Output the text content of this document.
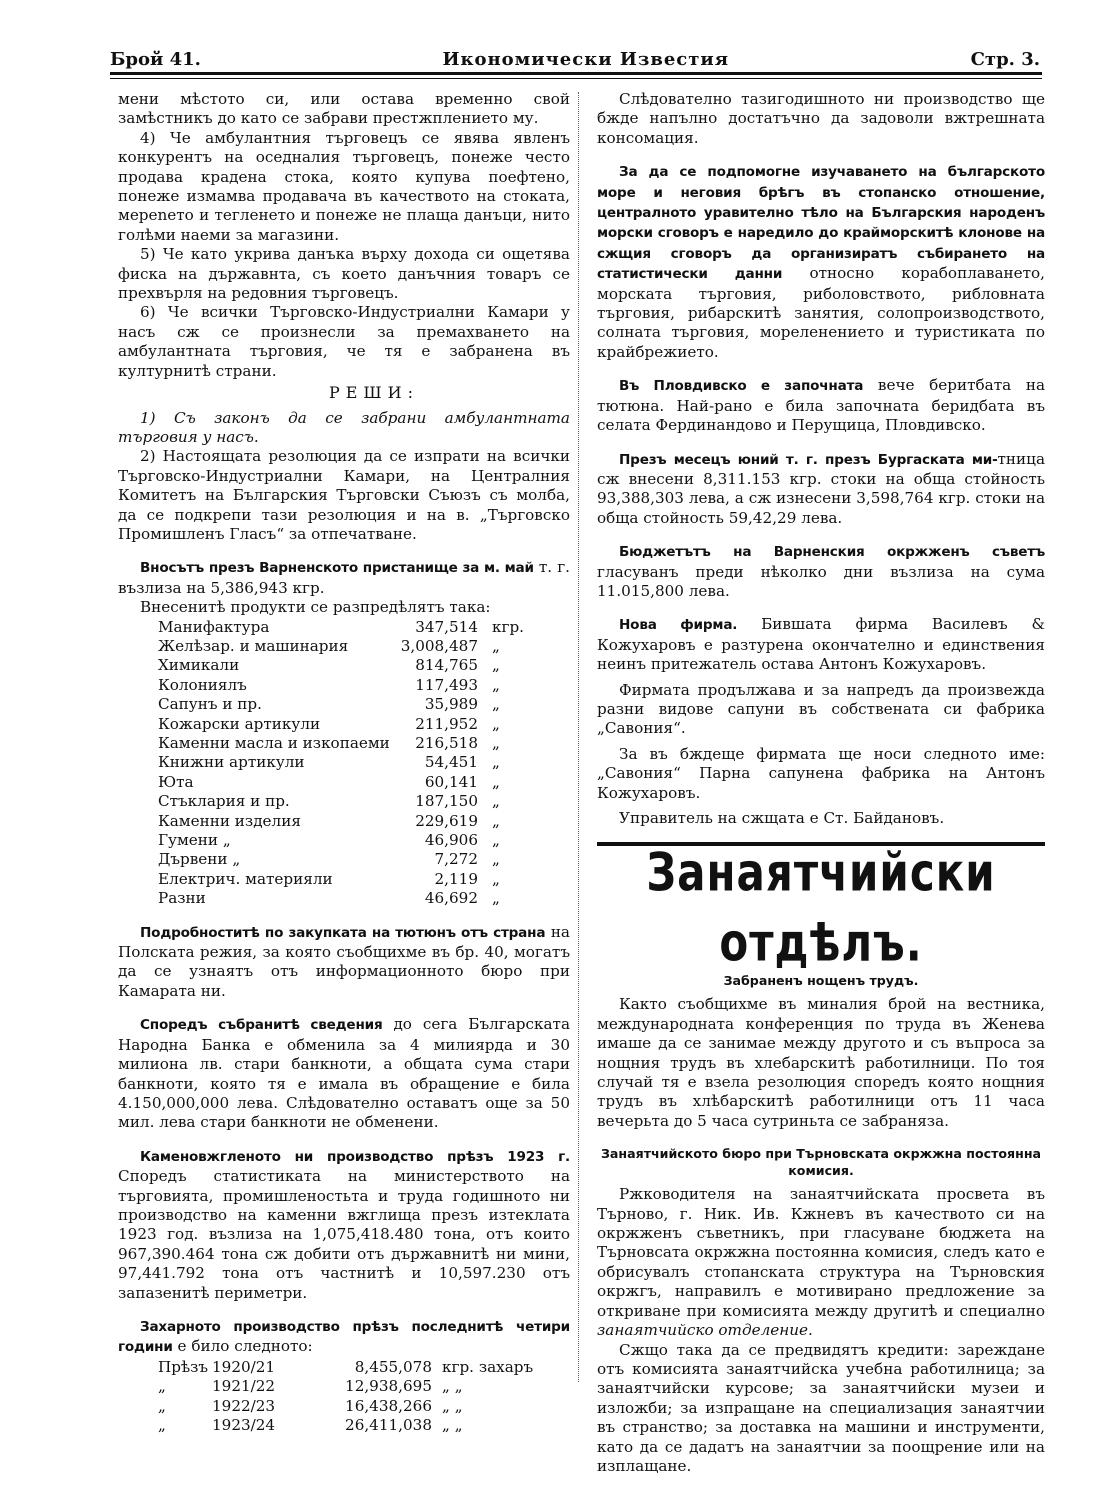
Брой 41.	Икономически Известия	Стр. 3.

мени мѣстото си, или остава временно свой замѣстникъ до като се забрави престжплението му.

4) Че амбулантния търговецъ се явява явленъ конкурентъ на оседналия търговецъ, понеже често продава крадена стока, която купува поефтено, понеже измамва продавача въ качеството на стоката, мерenето и тегленето и понеже не плаща данъци, нито голѣми наеми за магазини.

5) Че като укрива данъка върху дохода си ощетява фиска на държавнта, съ което данъчния товаръ се прехвърля на редовния търговецъ.

6) Че всички Търговско-Индустриални Камари у насъ сж се произнесли за премахването на амбулантната търговия, че тя е забранена въ културнитѣ страни.

РЕШИ:

1) Съ законъ да се забрани амбулантната търговия у насъ.

2) Настоящата резолюция да се изпрати на всички Търговско-Индустриални Камари, на Централния Комитетъ на Българския Търговски Съюзъ съ молба, да се подкрепи тази резолюция и на в. „Търговско Промишленъ Гласъ“ за отпечатване.

Вносътъ презъ Варненското пристанище за м. май т. г. възлиза на 5,386,943 кгр.

Внесенитѣ продукти се разпредѣлятъ така:

Манифактура	347,514	кгр.
Желѣзар. и машинария	3,008,487	„
Химикали	814,765	„
Колониялъ	117,493	„
Сапунъ и пр.	35,989	„
Кожарски артикули	211,952	„
Каменни масла и изкопаеми	216,518	„
Книжни артикули	54,451	„
Юта	60,141	„
Стъклария и пр.	187,150	„
Каменни изделия	229,619	„
Гумени „	46,906	„
Дървени „	7,272	„
Електрич. материяли	2,119	„
Разни	46,692	„

Подробноститѣ по закупката на тютюнъ отъ страна на Полската режия, за която съобщихме въ бр. 40, могатъ да се узнаятъ отъ информационното бюро при Камарата ни.

Споредъ събранитѣ сведения до сега Българската Народна Банка е обменила за 4 милиярда и 30 милиона лв. стари банкноти, а общата сума стари банкноти, която тя е имала въ обращение е била 4.150,000,000 лева. Слѣдователно оставатъ още за 50 мил. лева стари банкноти не обменени.

Каменовжгленото ни производство прѣзъ 1923 г. Споредъ статистиката на министерството на търговията, промишленостьта и труда годишното ни производство на каменни вжглища презъ изтеклата 1923 год. възлиза на 1,075,418.480 тона, отъ които 967,390.464 тона сж добити отъ държавнитѣ ни мини, 97,441.792 тона отъ частнитѣ и 10,597.230 отъ запазенитѣ периметри.

Захарното производство прѣзъ последнитѣ четири години е било следното:

Прѣзъ	1920/21	8,455,078	кгр. захаръ
„	1921/22	12,938,695	„ „
„	1922/23	16,438,266	„ „
„	1923/24	26,411,038	„ „

Слѣдователно тазигодишното ни производство ще бжде напълно достатъчно да задоволи вжтрешната консомация.

За да се подпомогне изучаването на българското море и неговия брѣгъ въ стопанско отношение, централното уравително тѣло на Българския народенъ морски сговоръ е наредило до крайморскитѣ клонове на сжщия сговоръ да организиратъ събирането на статистически данни относно корабоплаването, морската търговия, риболовството, рибловната търговия, рибарскитѣ занятия, солопроизводството, солната търговия, мореленението и туристиката по крайбрежието.

Въ Пловдивско е започната вече беритбата на тютюна. Най-рано е била започната беридбата въ селата Фердинандово и Перущица, Пловдивско.

Презъ месецъ юний т. г. презъ Бургаската ми-тница сж внесени 8,311.153 кгр. стоки на обща стойность 93,388,303 лева, а сж изнесени 3,598,764 кгр. стоки на обща стойность 59,42,29 лева.

Бюджетътъ на Варненския окржженъ съветъ гласуванъ преди нѣколко дни възлиза на сума 11.015,800 лева.

Нова фирма. Бившата фирма Василевъ & Кожухаровъ е разтурена окончателно и единствения неинъ притежатель остава Антонъ Кожухаровъ.

Фирмата продължава и за напредъ да произвежда разни видове сапуни въ собствената си фабрика „Савония“.

За въ бждеще фирмата ще носи следното име: „Савония“ Парна сапунена фабрика на Антонъ Кожухаровъ.

Управитель на сжщата е Ст. Байдановъ.

Занаятчийски отдѣлъ.

Забраненъ нощенъ трудъ.

Както съобщихме въ миналия брой на вестника, международната конференция по труда въ Женева имаше да се занимае между другото и съ въпроса за нощния трудъ въ хлебарскитѣ работилници. По тоя случай тя е взела резолюция споредъ която нощния трудъ въ хлѣбарскитѣ работилници отъ 11 часа вечерьта до 5 часа сутриньта се забраняза.

Занаятчийското бюро при Търновската окржжна постоянна комисия.

Ржководителя на занаятчийската просвета въ Търново, г. Ник. Ив. Кжневъ въ качеството си на окржженъ съветникъ, при гласуване бюджета на Търновсата окржжна постоянна комисия, следъ като е обрисувалъ стопанската структура на Търновския окржгъ, направилъ е мотивирано предложение за откриване при комисията между другитѣ и специално занаятчийско отделение.

Сжщо така да се предвидятъ кредити: зареждане отъ комисията занаятчийска учебна работилница; за занаятчийски курсове; за занаятчийски музеи и изложби; за изпращане на специализация занаятчии въ странство; за доставка на машини и инструменти, като да се дадатъ на занаятчии за поощрение или на изплащане.
